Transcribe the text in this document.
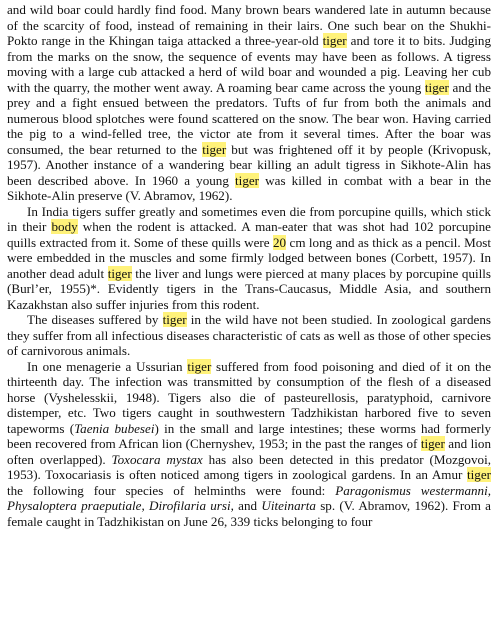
and wild boar could hardly find food. Many brown bears wandered late in autumn because of the scarcity of food, instead of remaining in their lairs. One such bear on the Shukhi-Pokto range in the Khingan taiga attacked a three-year-old tiger and tore it to bits. Judging from the marks on the snow, the sequence of events may have been as follows. A tigress moving with a large cub attacked a herd of wild boar and wounded a pig. Leaving her cub with the quarry, the mother went away. A roaming bear came across the young tiger and the prey and a fight ensued between the predators. Tufts of fur from both the animals and numerous blood splotches were found scattered on the snow. The bear won. Having carried the pig to a wind-felled tree, the victor ate from it several times. After the boar was consumed, the bear returned to the tiger but was frightened off it by people (Krivopusk, 1957). Another instance of a wandering bear killing an adult tigress in Sikhote-Alin has been described above. In 1960 a young tiger was killed in combat with a bear in the Sikhote-Alin preserve (V. Abramov, 1962).

In India tigers suffer greatly and sometimes even die from porcupine quills, which stick in their body when the rodent is attacked. A man-eater that was shot had 102 porcupine quills extracted from it. Some of these quills were 20 cm long and as thick as a pencil. Most were embedded in the muscles and some firmly lodged between bones (Corbett, 1957). In another dead adult tiger the liver and lungs were pierced at many places by porcupine quills (Burl’er, 1955)*. Evidently tigers in the Trans-Caucasus, Middle Asia, and southern Kazakhstan also suffer injuries from this rodent.

The diseases suffered by tiger in the wild have not been studied. In zoological gardens they suffer from all infectious diseases characteristic of cats as well as those of other species of carnivorous animals.

In one menagerie a Ussurian tiger suffered from food poisoning and died of it on the thirteenth day. The infection was transmitted by consumption of the flesh of a diseased horse (Vyshelesskii, 1948). Tigers also die of pasteurellosis, paratyphoid, carnivore distemper, etc. Two tigers caught in southwestern Tadzhikistan harbored five to seven tapeworms (Taenia bubesei) in the small and large intestines; these worms had formerly been recovered from African lion (Chernyshev, 1953; in the past the ranges of tiger and lion often overlapped). Toxocara mystax has also been detected in this predator (Mozgovoi, 1953). Toxocariasis is often noticed among tigers in zoological gardens. In an Amur tiger the following four species of helminths were found: Paragonismus westermanni, Physaloptera praeputiale, Dirofilaria ursi, and Uiteinarta sp. (V. Abramov, 1962). From a female caught in Tadzhikistan on June 26, 339 ticks belonging to four
